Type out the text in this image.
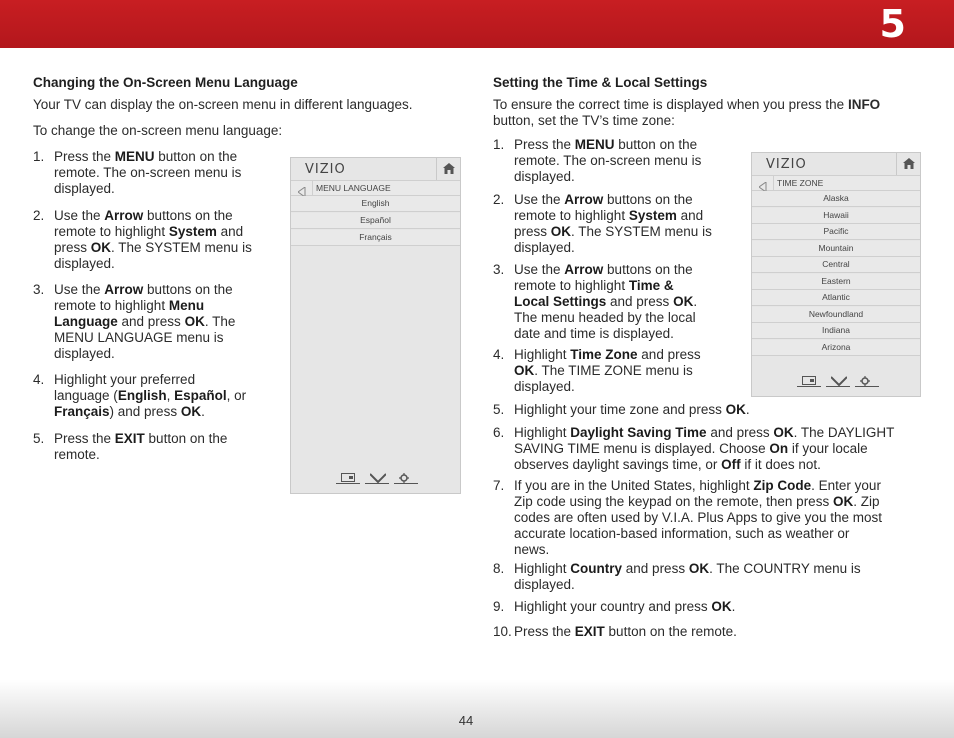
5
Changing the On-Screen Menu Language
Your TV can display the on-screen menu in different languages.
To change the on-screen menu language:
1. Press the MENU button on the
remote. The on-screen menu is
displayed.
2. Use the Arrow buttons on the
remote to highlight System and
press OK. The SYSTEM menu is
displayed.
3. Use the Arrow buttons on the
remote to highlight Menu
Language and press OK. The
MENU LANGUAGE menu is
displayed.
4. Highlight your preferred
language (English, Español, or
Français) and press OK.
5. Press the EXIT button on the
remote.
VIZIO
MENU LANGUAGE
English
Español
Français
Setting the Time & Local Settings
To ensure the correct time is displayed when you press the INFO
button, set the TV’s time zone:
1. Press the MENU button on the
remote. The on-screen menu is
displayed.
2. Use the Arrow buttons on the
remote to highlight System and
press OK. The SYSTEM menu is
displayed.
3. Use the Arrow buttons on the
remote to highlight Time &
Local Settings and press OK.
The menu headed by the local
date and time is displayed.
4. Highlight Time Zone and press
OK. The TIME ZONE menu is
displayed.
5. Highlight your time zone and press OK.
6. Highlight Daylight Saving Time and press OK. The DAYLIGHT
SAVING TIME menu is displayed. Choose On if your locale
observes daylight savings time, or Off if it does not.
7. If you are in the United States, highlight Zip Code. Enter your
Zip code using the keypad on the remote, then press OK. Zip
codes are often used by V.I.A. Plus Apps to give you the most
accurate location-based information, such as weather or
news.
8. Highlight Country and press OK. The COUNTRY menu is
displayed.
9. Highlight your country and press OK.
10. Press the EXIT button on the remote.
VIZIO
TIME ZONE
Alaska
Hawaii
Pacific
Mountain
Central
Eastern
Atlantic
Newfoundland
Indiana
Arizona
44
